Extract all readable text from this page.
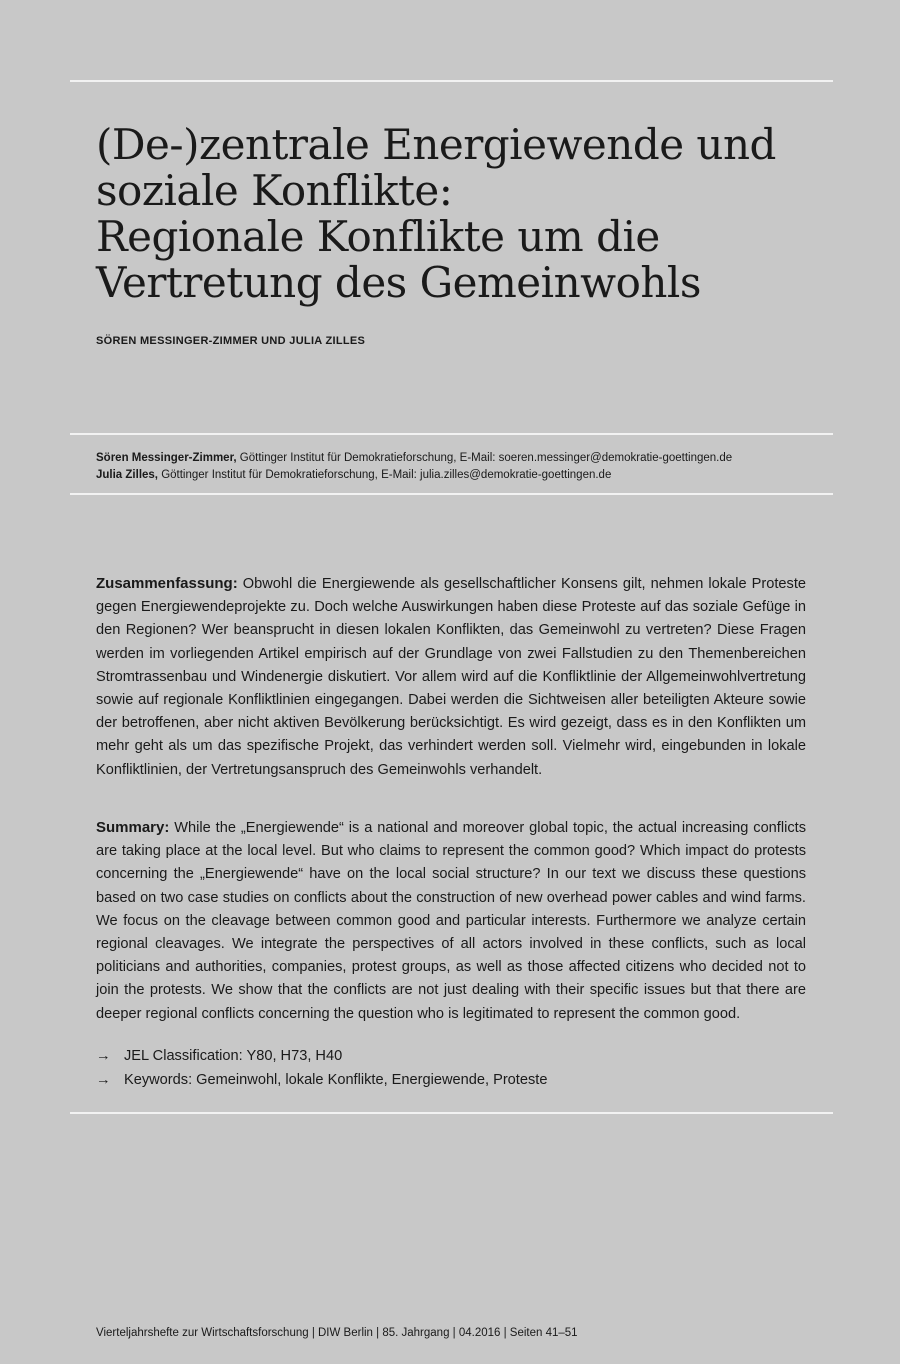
(De-)zentrale Energiewende und
soziale Konflikte:
Regionale Konflikte um die
Vertretung des Gemeinwohls
SÖREN MESSINGER-ZIMMER UND JULIA ZILLES
Sören Messinger-Zimmer, Göttinger Institut für Demokratieforschung, E-Mail: soeren.messinger@demokratie-goettingen.de
Julia Zilles, Göttinger Institut für Demokratieforschung, E-Mail: julia.zilles@demokratie-goettingen.de

Zusammenfassung: Obwohl die Energiewende als gesellschaftlicher Konsens gilt, nehmen lokale Proteste gegen Energiewendeprojekte zu. Doch welche Auswirkungen haben diese Proteste auf das soziale Gefüge in den Regionen? Wer beansprucht in diesen lokalen Konflikten, das Gemeinwohl zu vertreten? Diese Fragen werden im vorliegenden Artikel empirisch auf der Grundlage von zwei Fallstudien zu den Themenbereichen Stromtrassenbau und Windenergie diskutiert. Vor allem wird auf die Konfliktlinie der Allgemeinwohlvertretung sowie auf regionale Konfliktlinien eingegangen. Dabei werden die Sichtweisen aller beteiligten Akteure sowie der betroffenen, aber nicht aktiven Bevölkerung berücksichtigt. Es wird gezeigt, dass es in den Konflikten um mehr geht als um das spezifische Projekt, das verhindert werden soll. Vielmehr wird, eingebunden in lokale Konfliktlinien, der Vertretungsanspruch des Gemeinwohls verhandelt.

Summary: While the „Energiewende“ is a national and moreover global topic, the actual increasing conflicts are taking place at the local level. But who claims to represent the common good? Which impact do protests concerning the „Energiewende“ have on the local social structure? In our text we discuss these questions based on two case studies on conflicts about the construction of new overhead power cables and wind farms. We focus on the cleavage between common good and particular interests. Furthermore we analyze certain regional cleavages. We integrate the perspectives of all actors involved in these conflicts, such as local politicians and authorities, companies, protest groups, as well as those affected citizens who decided not to join the protests. We show that the conflicts are not just dealing with their specific issues but that there are deeper regional conflicts concerning the question who is legitimated to represent the common good.

→ JEL Classification: Y80, H73, H40
→ Keywords: Gemeinwohl, lokale Konflikte, Energiewende, Proteste
Vierteljahrshefte zur Wirtschaftsforschung | DIW Berlin | 85. Jahrgang | 04.2016 | Seiten 41–51
